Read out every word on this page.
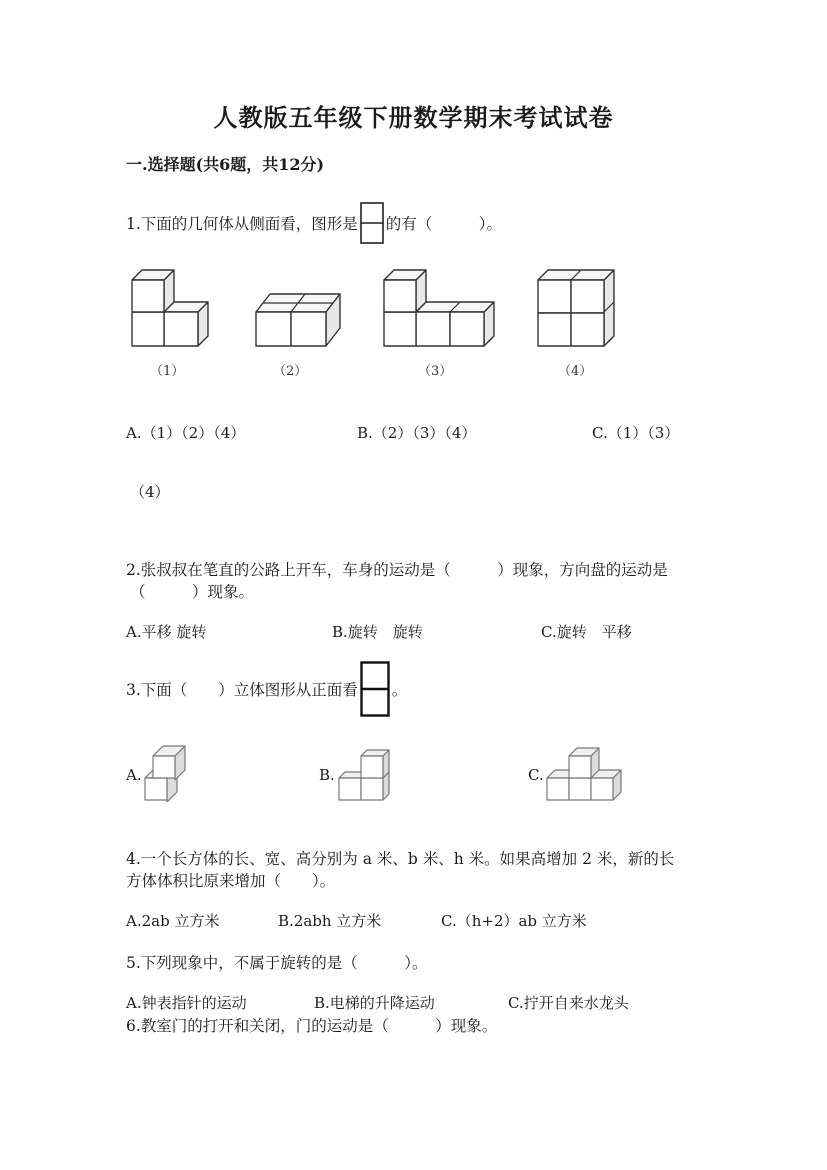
人教版五年级下册数学期末考试试卷
一.选择题(共6题，共12分)
1.下面的几何体从侧面看，图形是 的有（　　　）。
（1）	（2）	（3）	（4）
A.（1）（2）（4）	B.（2）（3）（4）	C.（1）（3）
（4）
2.张叔叔在笔直的公路上开车，车身的运动是（　　　）现象，方向盘的运动是
（　　　）现象。
A.平移 旋转	B.旋转　旋转	C.旋转　平移
3.下面（　　）立体图形从正面看 。
A.	B.	C.
4.一个长方体的长、宽、高分别为 a 米、b 米、h 米。如果高增加 2 米，新的长
方体体积比原来增加（　　）。
A.2ab 立方米	B.2abh 立方米	C.（h+2）ab 立方米
5.下列现象中，不属于旋转的是（　　　）。
A.钟表指针的运动	B.电梯的升降运动	C.拧开自来水龙头
6.教室门的打开和关闭，门的运动是（　　　）现象。
